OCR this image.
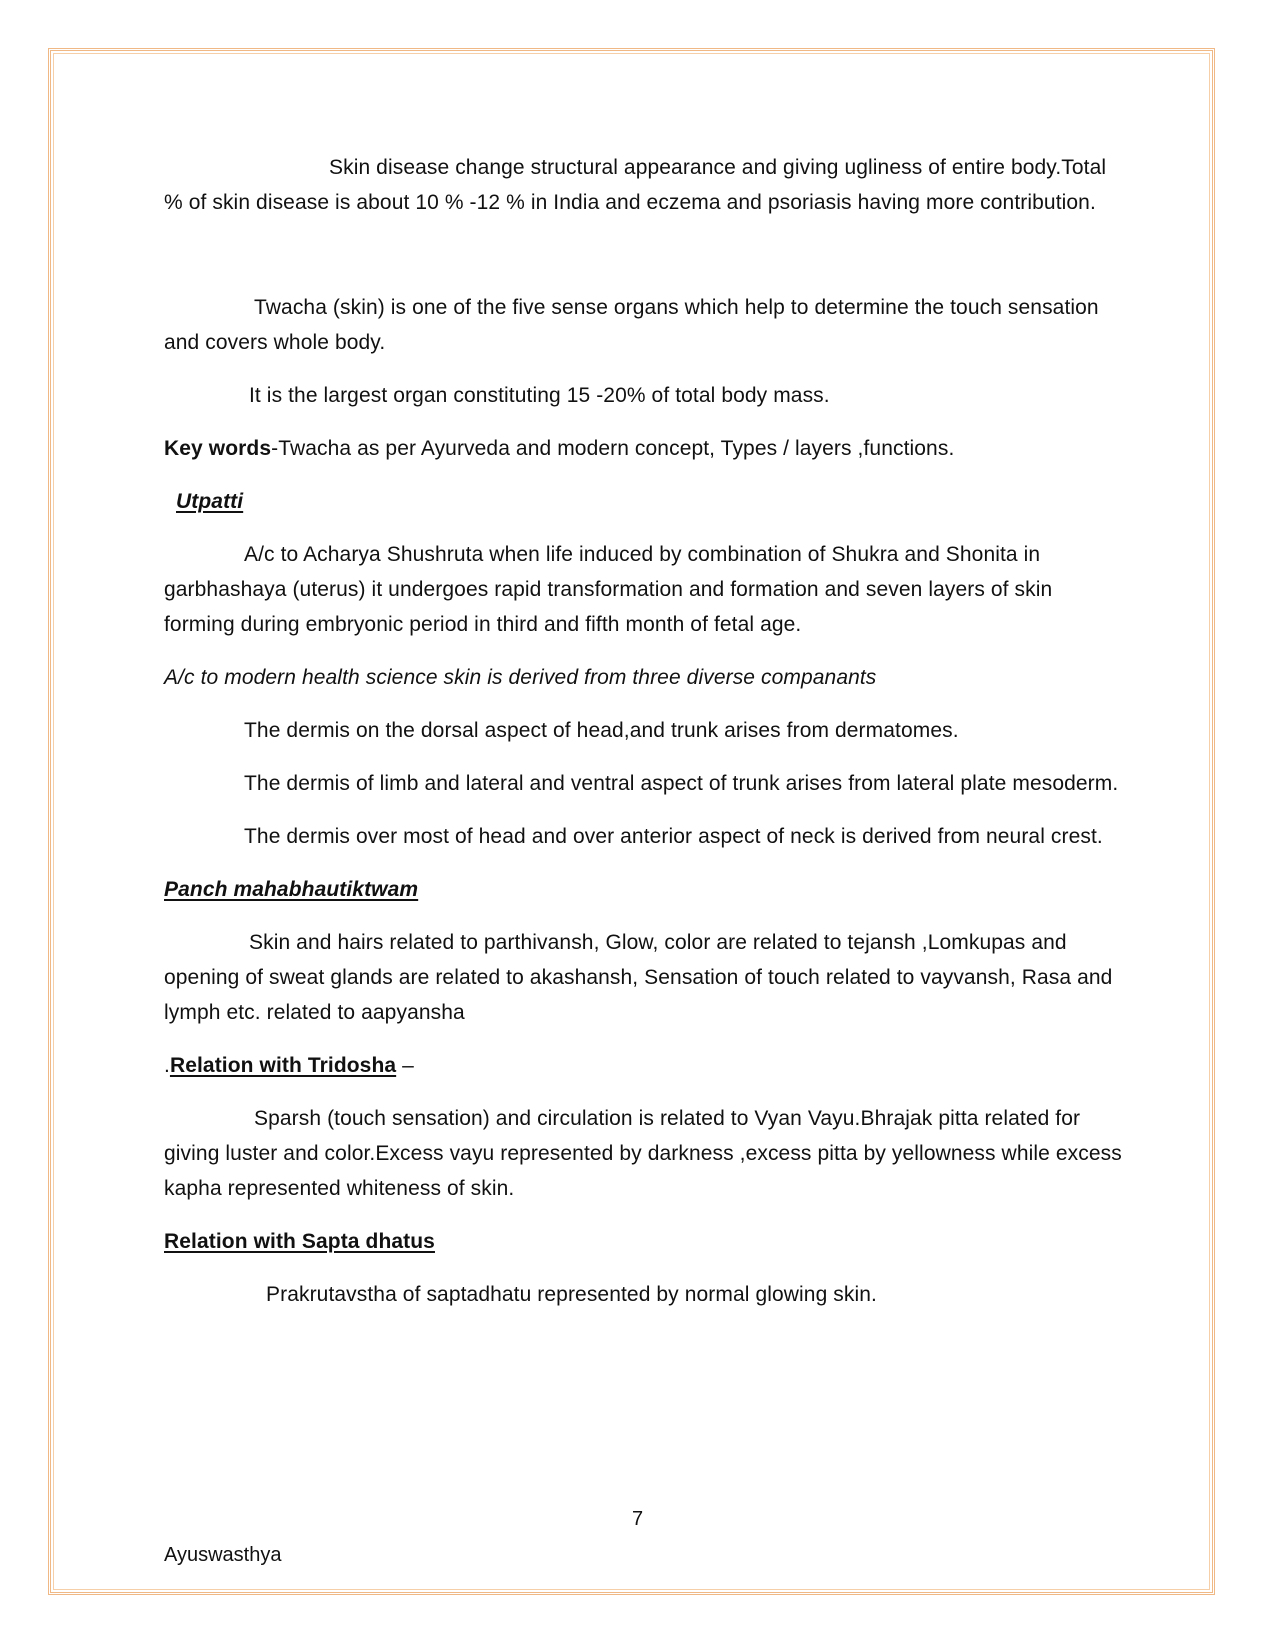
Skin disease change structural appearance and giving ugliness of entire body.Total % of skin disease is about 10 % -12 % in India and eczema and psoriasis having more contribution.

Twacha (skin) is one of the five sense organs which help to determine the touch sensation and covers whole body.

It is the largest organ constituting 15 -20% of total body mass.

Key words-Twacha as per Ayurveda and modern concept, Types / layers ,functions.

Utpatti

A/c to Acharya Shushruta when life induced by combination of Shukra and Shonita in garbhashaya (uterus) it undergoes rapid transformation and formation and seven layers of skin forming during embryonic period in third and fifth month of fetal age.

A/c to modern health science skin is derived from three diverse companants

The dermis on the dorsal aspect of head,and trunk arises from dermatomes.

The dermis of limb and lateral and ventral aspect of trunk arises from lateral plate mesoderm.

The dermis over most of head and over anterior aspect of neck is derived from neural crest.

Panch mahabhautiktwam

Skin and hairs related to parthivansh, Glow, color are related to tejansh ,Lomkupas and opening of sweat glands are related to akashansh, Sensation of touch related to vayvansh, Rasa and lymph etc. related to aapyansha

.Relation with Tridosha –

Sparsh (touch sensation) and circulation is related to Vyan Vayu.Bhrajak pitta related for giving luster and color.Excess vayu represented by darkness ,excess pitta by yellowness while excess kapha represented whiteness of skin.

Relation with Sapta dhatus

Prakrutavstha of saptadhatu represented by normal glowing skin.

7
Ayuswasthya
